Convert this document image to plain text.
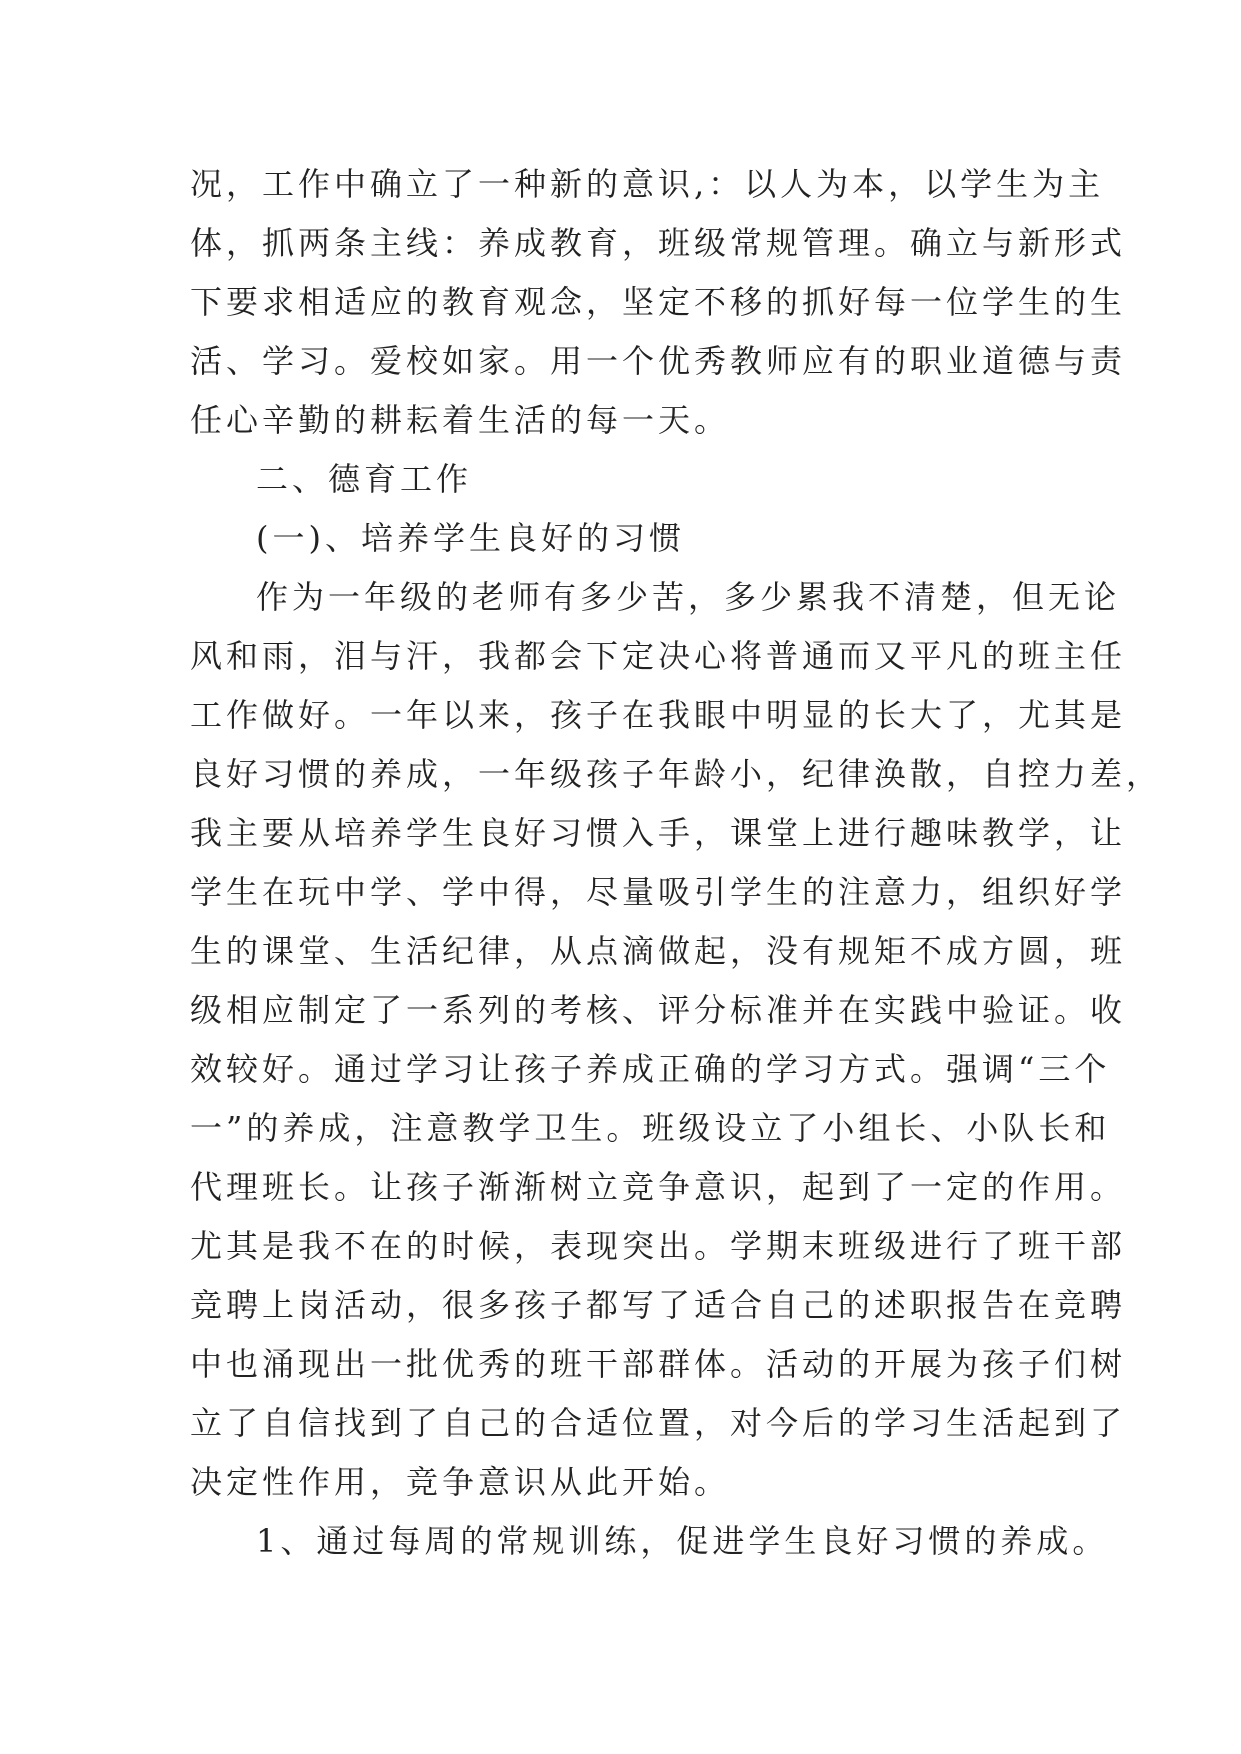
况，工作中确立了一种新的意识,：以人为本，以学生为主
体，抓两条主线：养成教育，班级常规管理。确立与新形式
下要求相适应的教育观念，坚定不移的抓好每一位学生的生
活、学习。爱校如家。用一个优秀教师应有的职业道德与责
任心辛勤的耕耘着生活的每一天。
二、德育工作
(一)、培养学生良好的习惯
作为一年级的老师有多少苦，多少累我不清楚，但无论
风和雨，泪与汗，我都会下定决心将普通而又平凡的班主任
工作做好。一年以来，孩子在我眼中明显的长大了，尤其是
良好习惯的养成，一年级孩子年龄小，纪律涣散，自控力差，
我主要从培养学生良好习惯入手，课堂上进行趣味教学，让
学生在玩中学、学中得，尽量吸引学生的注意力，组织好学
生的课堂、生活纪律，从点滴做起，没有规矩不成方圆，班
级相应制定了一系列的考核、评分标准并在实践中验证。收
效较好。通过学习让孩子养成正确的学习方式。强调“三个
一”的养成，注意教学卫生。班级设立了小组长、小队长和
代理班长。让孩子渐渐树立竞争意识，起到了一定的作用。
尤其是我不在的时候，表现突出。学期末班级进行了班干部
竞聘上岗活动，很多孩子都写了适合自己的述职报告在竞聘
中也涌现出一批优秀的班干部群体。活动的开展为孩子们树
立了自信找到了自己的合适位置，对今后的学习生活起到了
决定性作用，竞争意识从此开始。
1、通过每周的常规训练，促进学生良好习惯的养成。
